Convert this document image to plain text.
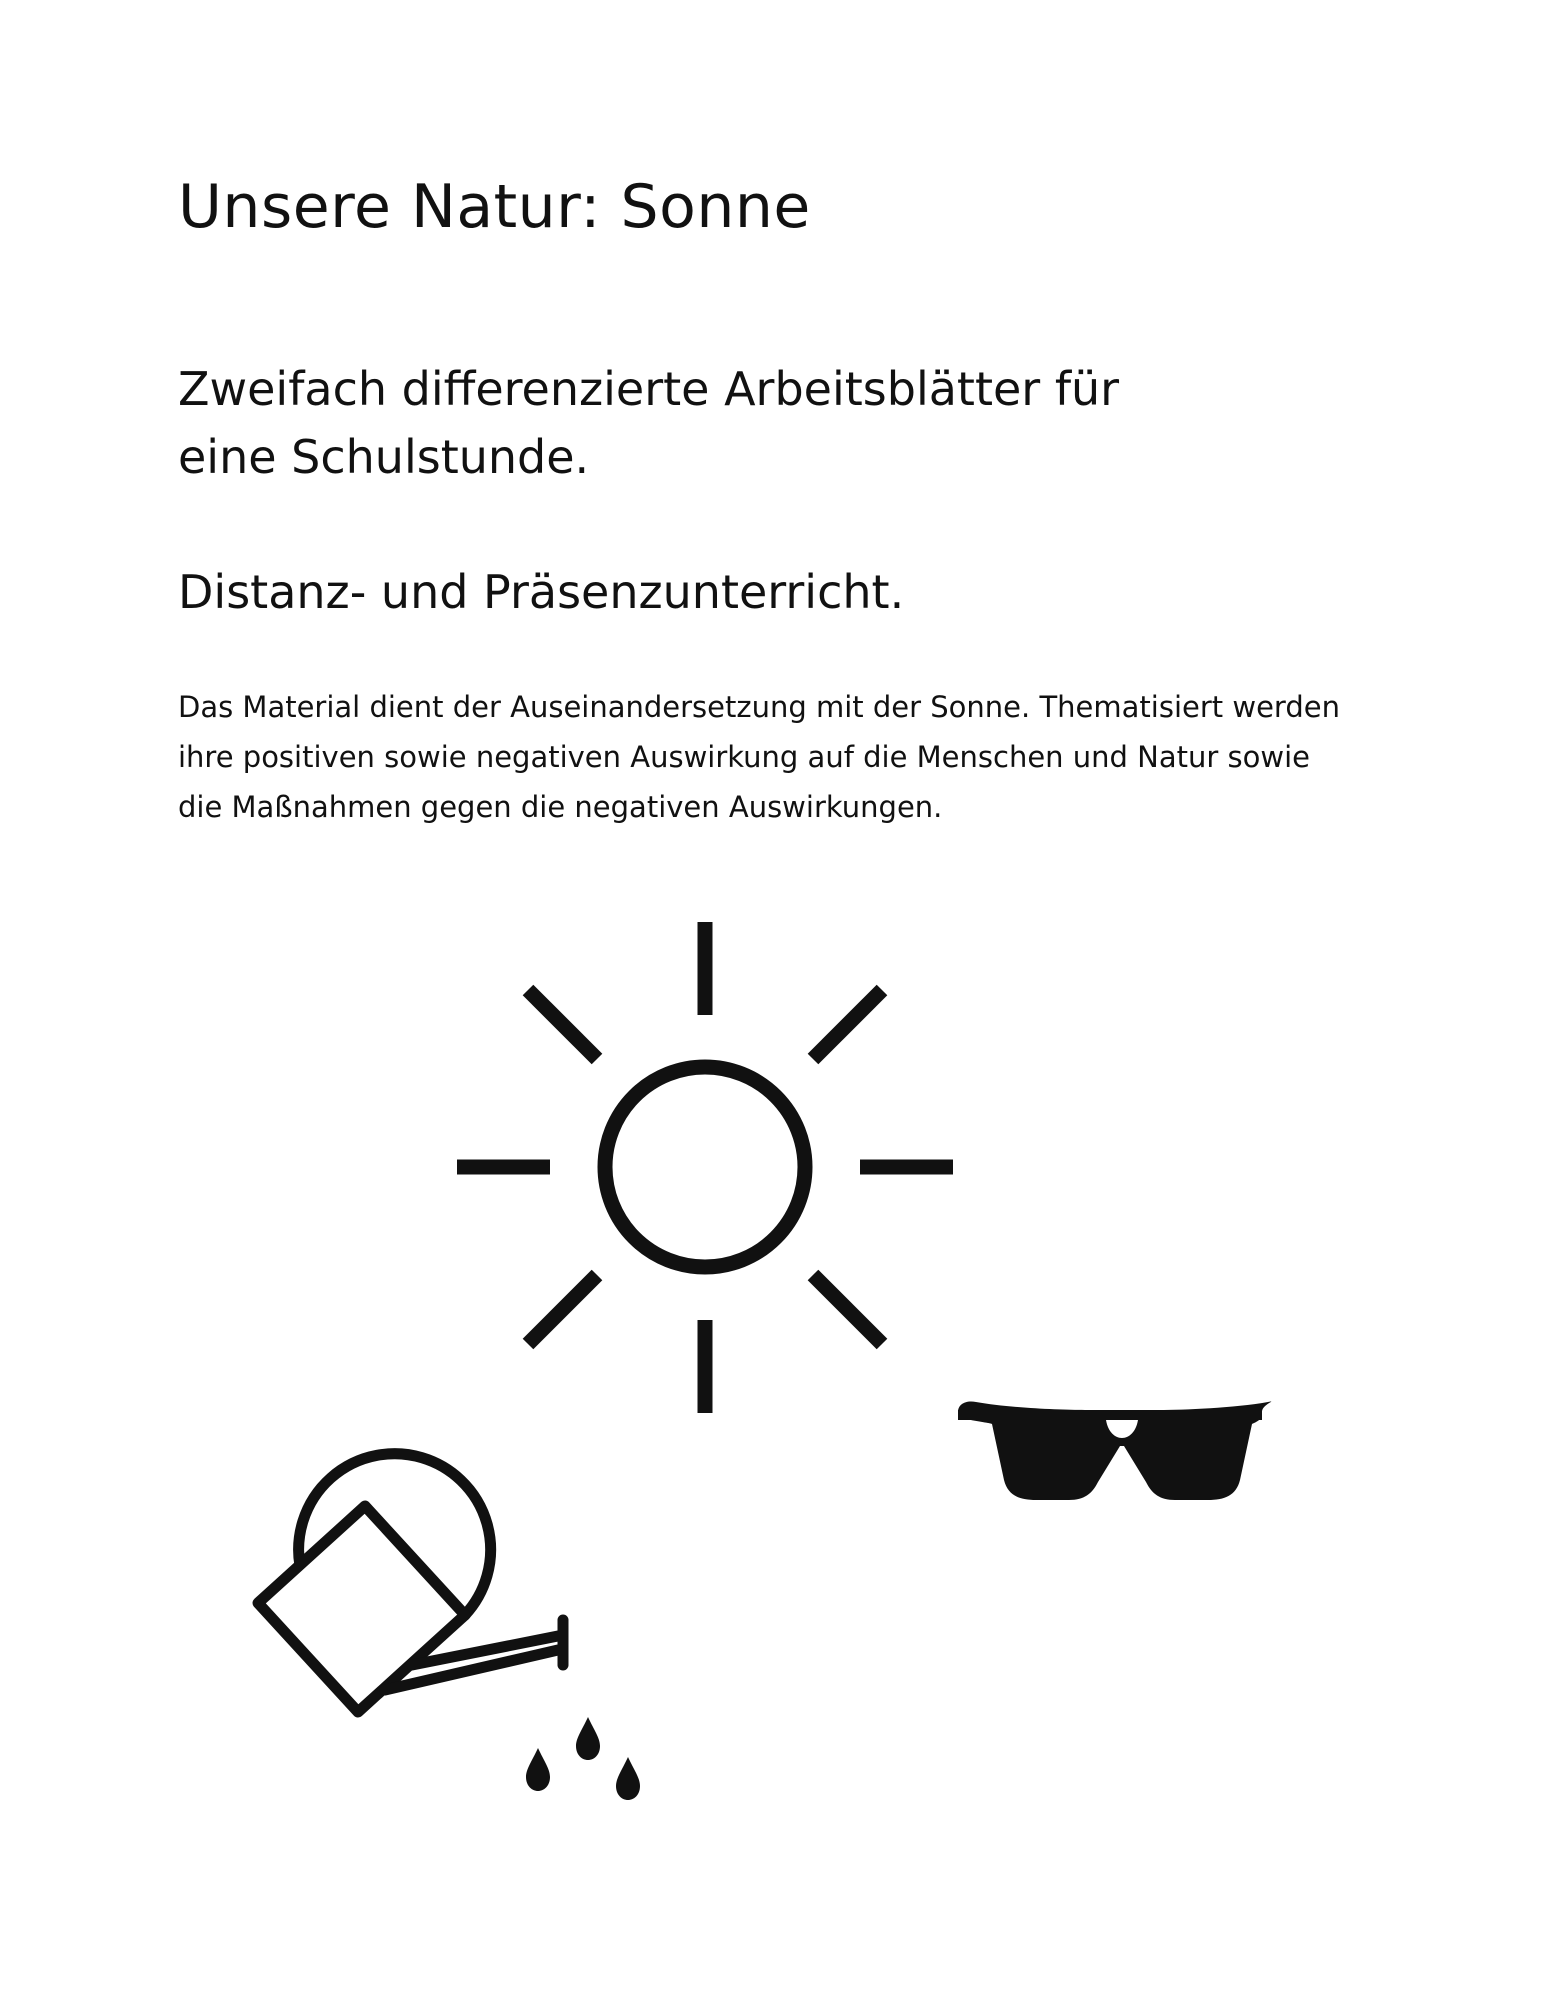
Unsere Natur: Sonne

Zweifach differenzierte Arbeitsblätter für eine Schulstunde.

Distanz- und Präsenzunterricht.

Das Material dient der Auseinandersetzung mit der Sonne. Thematisiert werden ihre positiven sowie negativen Auswirkung auf die Menschen und Natur sowie die Maßnahmen gegen die negativen Auswirkungen.
